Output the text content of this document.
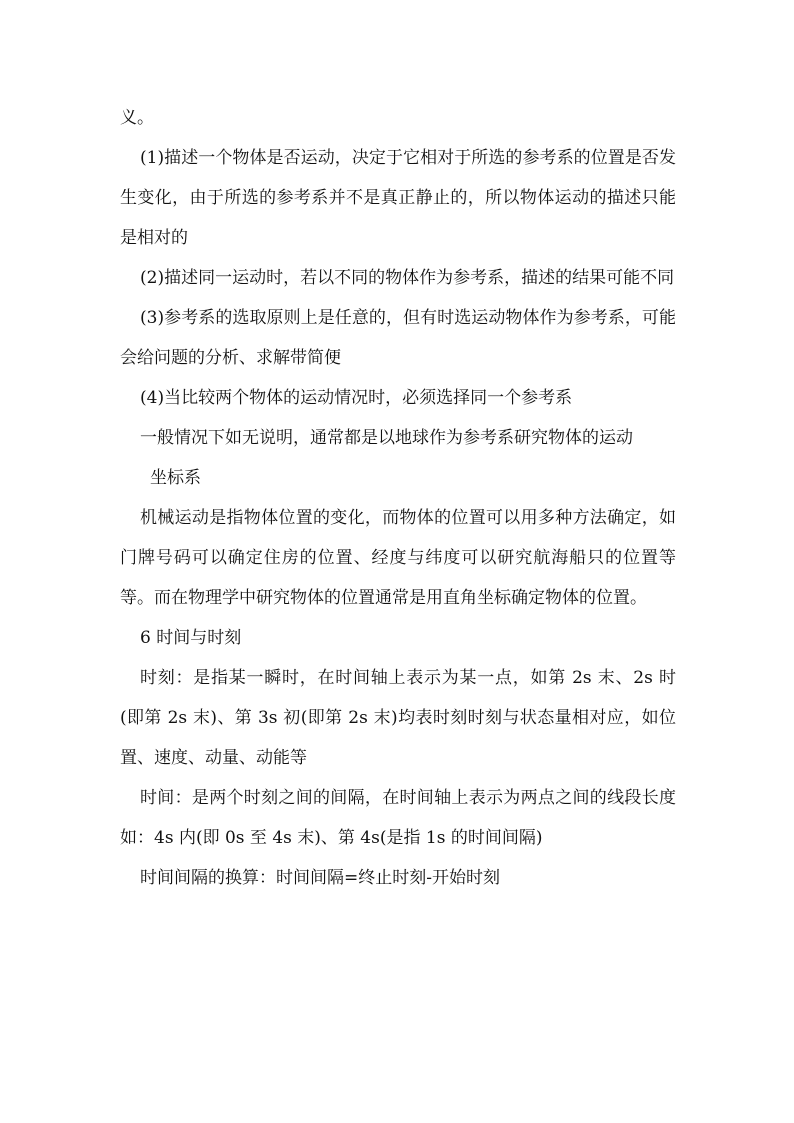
义。

(1)描述一个物体是否运动，决定于它相对于所选的参考系的位置是否发生变化，由于所选的参考系并不是真正静止的，所以物体运动的描述只能是相对的

(2)描述同一运动时，若以不同的物体作为参考系，描述的结果可能不同

(3)参考系的选取原则上是任意的，但有时选运动物体作为参考系，可能会给问题的分析、求解带简便

(4)当比较两个物体的运动情况时，必须选择同一个参考系

一般情况下如无说明，通常都是以地球作为参考系研究物体的运动

坐标系

机械运动是指物体位置的变化，而物体的位置可以用多种方法确定，如门牌号码可以确定住房的位置、经度与纬度可以研究航海船只的位置等等。而在物理学中研究物体的位置通常是用直角坐标确定物体的位置。

6 时间与时刻

时刻：是指某一瞬时，在时间轴上表示为某一点，如第 2s 末、2s 时(即第 2s 末)、第 3s 初(即第 2s 末)均表时刻时刻与状态量相对应，如位置、速度、动量、动能等

时间：是两个时刻之间的间隔，在时间轴上表示为两点之间的线段长度如：4s 内(即 0s 至 4s 末)、第 4s(是指 1s 的时间间隔)

时间间隔的换算：时间间隔=终止时刻-开始时刻
